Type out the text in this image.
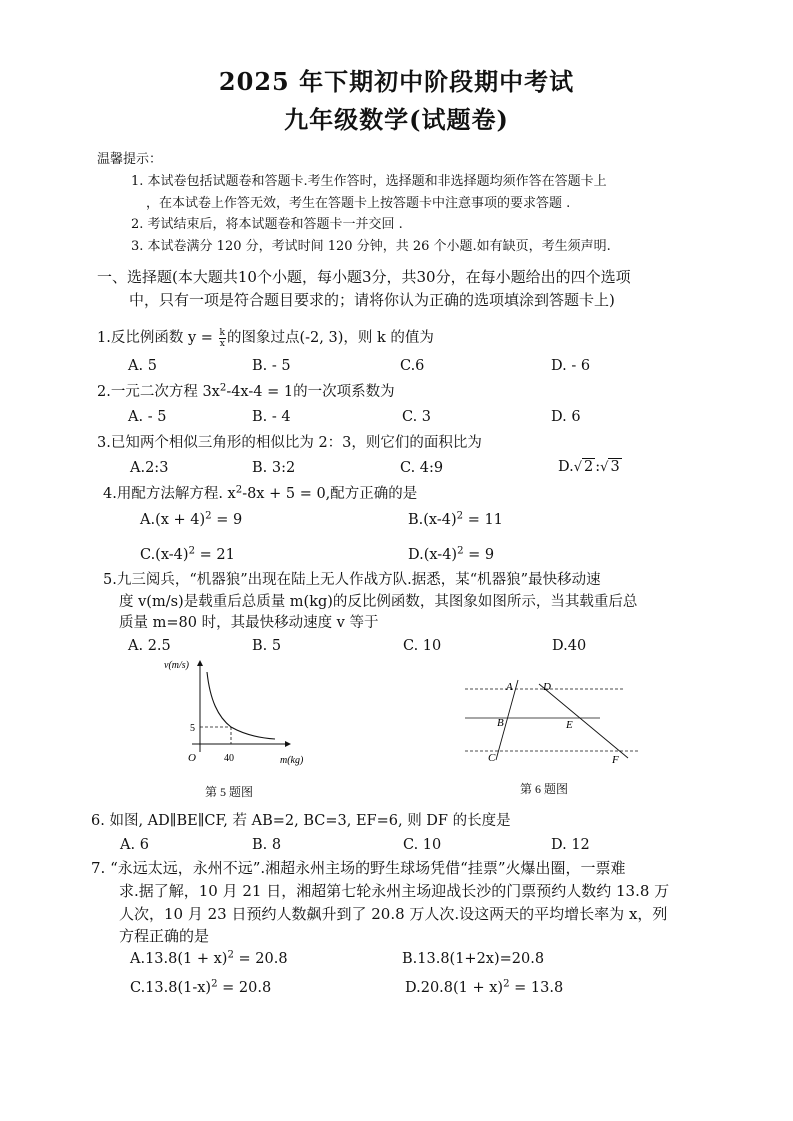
2025 年下期初中阶段期中考试
九年级数学(试题卷)
温馨提示：
1. 本试卷包括试题卷和答题卡.考生作答时，选择题和非选择题均须作答在答题卡上
，在本试卷上作答无效，考生在答题卡上按答题卡中注意事项的要求答题 .
2. 考试结束后，将本试题卷和答题卡一并交回 .
3. 本试卷满分 120 分，考试时间 120 分钟，共 26 个小题.如有缺页，考生须声明.
一、选择题(本大题共10个小题，每小题3分，共30分，在每小题给出的四个选项
中，只有一项是符合题目要求的；请将你认为正确的选项填涂到答题卡上)
1.反比例函数 $y = \frac{k}{x}$ 的图象过点(-2, 3)，则 k 的值为
A. 5	B. - 5	C.6	D. - 6
2.一元二次方程 $3x^2-4x-4 = 1$的一次项系数为
A. - 5	B. - 4	C. 3	D. 6
3.已知两个相似三角形的相似比为 2：3，则它们的面积比为
A.2:3	B. 3:2	C. 4:9	D.√ 2 :√ 3
4.用配方法解方程. $x^2-8x + 5 = 0$,配方正确的是
$A.(x + 4)^2 = 9$	$B.(x-4)^2 = 11$
$C.(x-4)^2 = 21$	$D.(x-4)^2 = 9$
5.九三阅兵，“机器狼”出现在陆上无人作战方队.据悉，某“机器狼”最快移动速
度 v(m/s)是载重后总质量 m(kg)的反比例函数，其图象如图所示，当其载重后总
质量 m=80 时，其最快移动速度 v 等于
A. 2.5	B. 5	C. 10	D.40
v(m/s)
m(kg)
O
5
40
第 5 题图
A	D
B	E
C	F
第 6 题图
6. 如图, AD∥BE∥CF, 若 AB=2, BC=3, EF=6, 则 DF 的长度是
A. 6	B. 8	C. 10	D. 12
7. “永远太远，永州不远”.湘超永州主场的野生球场凭借“挂票”火爆出圈，一票难
求.据了解，10 月 21 日，湘超第七轮永州主场迎战长沙的门票预约人数约 13.8 万
人次，10 月 23 日预约人数飙升到了 20.8 万人次.设这两天的平均增长率为 x，列
方程正确的是
$A.13.8(1 + x)^2 = 20.8$	B.13.8(1+2x)=20.8
$C.13.8(1-x)^2 = 20.8$	$D.20.8(1 + x)^2 = 13.8$
